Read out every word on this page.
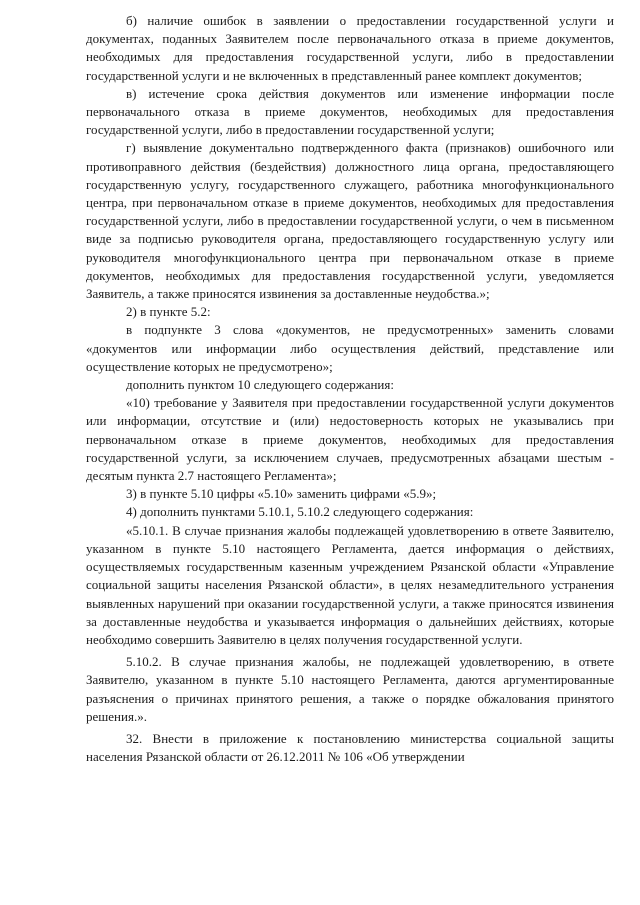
б) наличие ошибок в заявлении о предоставлении государственной услуги и документах, поданных Заявителем после первоначального отказа в приеме документов, необходимых для предоставления государственной услуги, либо в предоставлении государственной услуги и не включенных в представленный ранее комплект документов;

в) истечение срока действия документов или изменение информации после первоначального отказа в приеме документов, необходимых для предоставления государственной услуги, либо в предоставлении государственной услуги;

г) выявление документально подтвержденного факта (признаков) ошибочного или противоправного действия (бездействия) должностного лица органа, предоставляющего государственную услугу, государственного служащего, работника многофункционального центра, при первоначальном отказе в приеме документов, необходимых для предоставления государственной услуги, либо в предоставлении государственной услуги, о чем в письменном виде за подписью руководителя органа, предоставляющего государственную услугу или руководителя многофункционального центра при первоначальном отказе в приеме документов, необходимых для предоставления государственной услуги, уведомляется Заявитель, а также приносятся извинения за доставленные неудобства.»;

2) в пункте 5.2:

в подпункте 3 слова «документов, не предусмотренных» заменить словами «документов или информации либо осуществления действий, представление или осуществление которых не предусмотрено»;

дополнить пунктом 10 следующего содержания:

«10) требование у Заявителя при предоставлении государственной услуги документов или информации, отсутствие и (или) недостоверность которых не указывались при первоначальном отказе в приеме документов, необходимых для предоставления государственной услуги, за исключением случаев, предусмотренных абзацами шестым - десятым пункта 2.7 настоящего Регламента»;

3) в пункте 5.10 цифры «5.10» заменить цифрами «5.9»;

4) дополнить пунктами 5.10.1, 5.10.2 следующего содержания:

«5.10.1. В случае признания жалобы подлежащей удовлетворению в ответе Заявителю, указанном в пункте 5.10 настоящего Регламента, дается информация о действиях, осуществляемых государственным казенным учреждением Рязанской области «Управление социальной защиты населения Рязанской области», в целях незамедлительного устранения выявленных нарушений при оказании государственной услуги, а также приносятся извинения за доставленные неудобства и указывается информация о дальнейших действиях, которые необходимо совершить Заявителю в целях получения государственной услуги.

5.10.2. В случае признания жалобы, не подлежащей удовлетворению, в ответе Заявителю, указанном в пункте 5.10 настоящего Регламента, даются аргументированные разъяснения о причинах принятого решения, а также о порядке обжалования принятого решения.».

32. Внести в приложение к постановлению министерства социальной защиты населения Рязанской области от 26.12.2011 № 106 «Об утверждении
